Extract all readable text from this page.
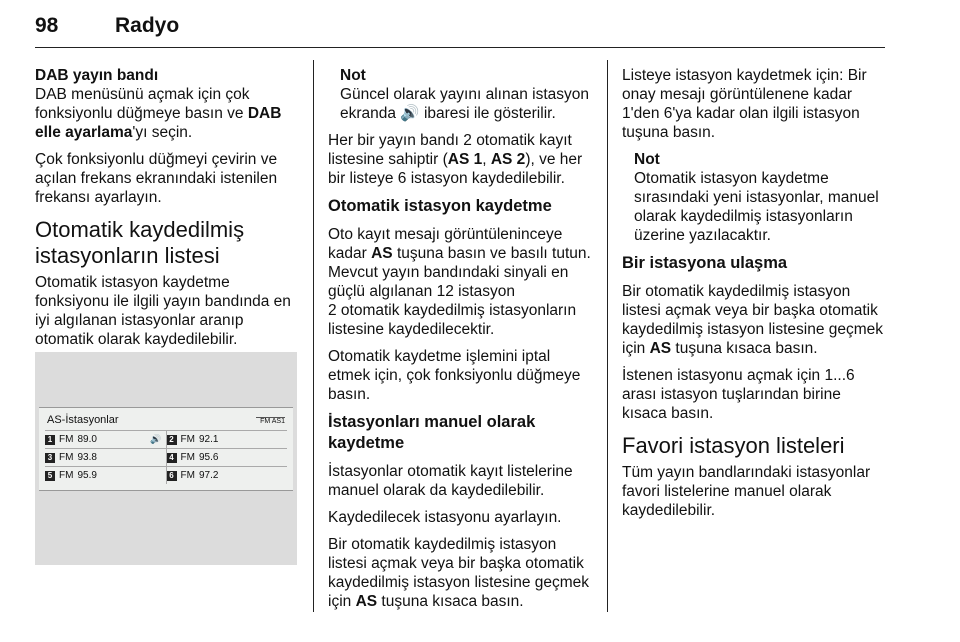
98	Radyo

DAB yayın bandı

DAB menüsünü açmak için çok fonksiyonlu düğmeye basın ve DAB elle ayarlama'yı seçin.

Çok fonksiyonlu düğmeyi çevirin ve açılan frekans ekranındaki istenilen frekansı ayarlayın.

Otomatik kaydedilmiş istasyonların listesi

Otomatik istasyon kaydetme fonksiyonu ile ilgili yayın bandında en iyi algılanan istasyonlar aranıp otomatik olarak kaydedilebilir.

AS-İstasyonlar	FM AS1
1 FM 89.0	🔊 2 FM 92.1
3 FM 93.8	4 FM 95.6
5 FM 95.9	6 FM 97.2
Not
Güncel olarak yayını alınan istasyon ekranda 🔊 ibaresi ile gösterilir.

Her bir yayın bandı 2 otomatik kayıt listesine sahiptir (AS 1, AS 2), ve her bir listeye 6 istasyon kaydedilebilir.

Otomatik istasyon kaydetme

Oto kayıt mesajı görüntüleninceye kadar AS tuşuna basın ve basılı tutun. Mevcut yayın bandındaki sinyali en güçlü algılanan 12 istasyon

2 otomatik kaydedilmiş istasyonların listesine kaydedilecektir.

Otomatik kaydetme işlemini iptal etmek için, çok fonksiyonlu düğmeye basın.

İstasyonları manuel olarak kaydetme

İstasyonlar otomatik kayıt listelerine manuel olarak da kaydedilebilir.

Kaydedilecek istasyonu ayarlayın.

Bir otomatik kaydedilmiş istasyon listesi açmak veya bir başka otomatik kaydedilmiş istasyon listesine geçmek için AS tuşuna kısaca basın.

Listeye istasyon kaydetmek için: Bir onay mesajı görüntülenene kadar 1'den 6'ya kadar olan ilgili istasyon tuşuna basın.

Not
Otomatik istasyon kaydetme sırasındaki yeni istasyonlar, manuel olarak kaydedilmiş istasyonların üzerine yazılacaktır.
Bir istasyona ulaşma

Bir otomatik kaydedilmiş istasyon listesi açmak veya bir başka otomatik kaydedilmiş istasyon listesine geçmek için AS tuşuna kısaca basın.

İstenen istasyonu açmak için 1...6 arası istasyon tuşlarından birine kısaca basın.

Favori istasyon listeleri

Tüm yayın bandlarındaki istasyonlar favori listelerine manuel olarak kaydedilebilir.
